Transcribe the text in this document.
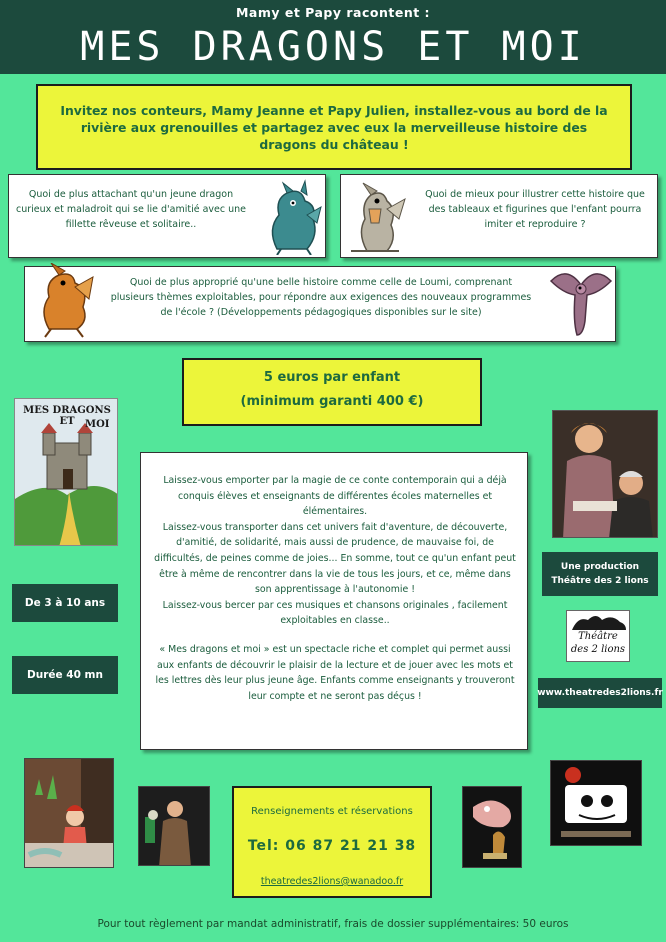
Mamy et Papy racontent :
MES DRAGONS ET MOI
Invitez nos conteurs, Mamy Jeanne et Papy Julien, installez-vous au bord de la rivière aux grenouilles et partagez avec eux la merveilleuse histoire des dragons du château !
Quoi de plus attachant qu'un jeune dragon curieux et maladroit qui se lie d'amitié avec une fillette rêveuse et solitaire..
Quoi de mieux pour illustrer cette histoire que des tableaux et figurines que l'enfant pourra imiter et reproduire ?
Quoi de plus approprié qu'une belle histoire comme celle de Loumi, comprenant plusieurs thèmes exploitables, pour répondre aux exigences des nouveaux programmes de l'école ? (Développements pédagogiques disponibles sur le site)
5 euros par enfant
(minimum garanti 400 €)
MES DRAGONS ET	MOI
Laissez-vous emporter par la magie de ce conte contemporain qui a déjà conquis élèves et enseignants de différentes écoles maternelles et élémentaires.
Laissez-vous transporter dans cet univers fait d'aventure, de découverte, d'amitié, de solidarité, mais aussi de prudence, de mauvaise foi, de difficultés, de peines comme de joies... En somme, tout ce qu'un enfant peut être à même de rencontrer dans la vie de tous les jours, et ce, même dans son apprentissage à l'autonomie !
Laissez-vous bercer par ces musiques et chansons originales , facilement exploitables en classe..
« Mes dragons et moi » est un spectacle riche et complet qui permet aussi aux enfants de découvrir le plaisir de la lecture et de jouer avec les mots et les lettres dès leur plus jeune âge. Enfants comme enseignants y trouveront leur compte et ne seront pas déçus !
De 3 à 10 ans
Durée 40 mn
Une production
Théâtre des 2 lions
Théâtre
des 2 lions
www.theatredes2lions.fr
Renseignements et réservations
Tel: 06 87 21 21 38
theatredes2lions@wanadoo.fr
Pour tout règlement par mandat administratif, frais de dossier supplémentaires: 50 euros
